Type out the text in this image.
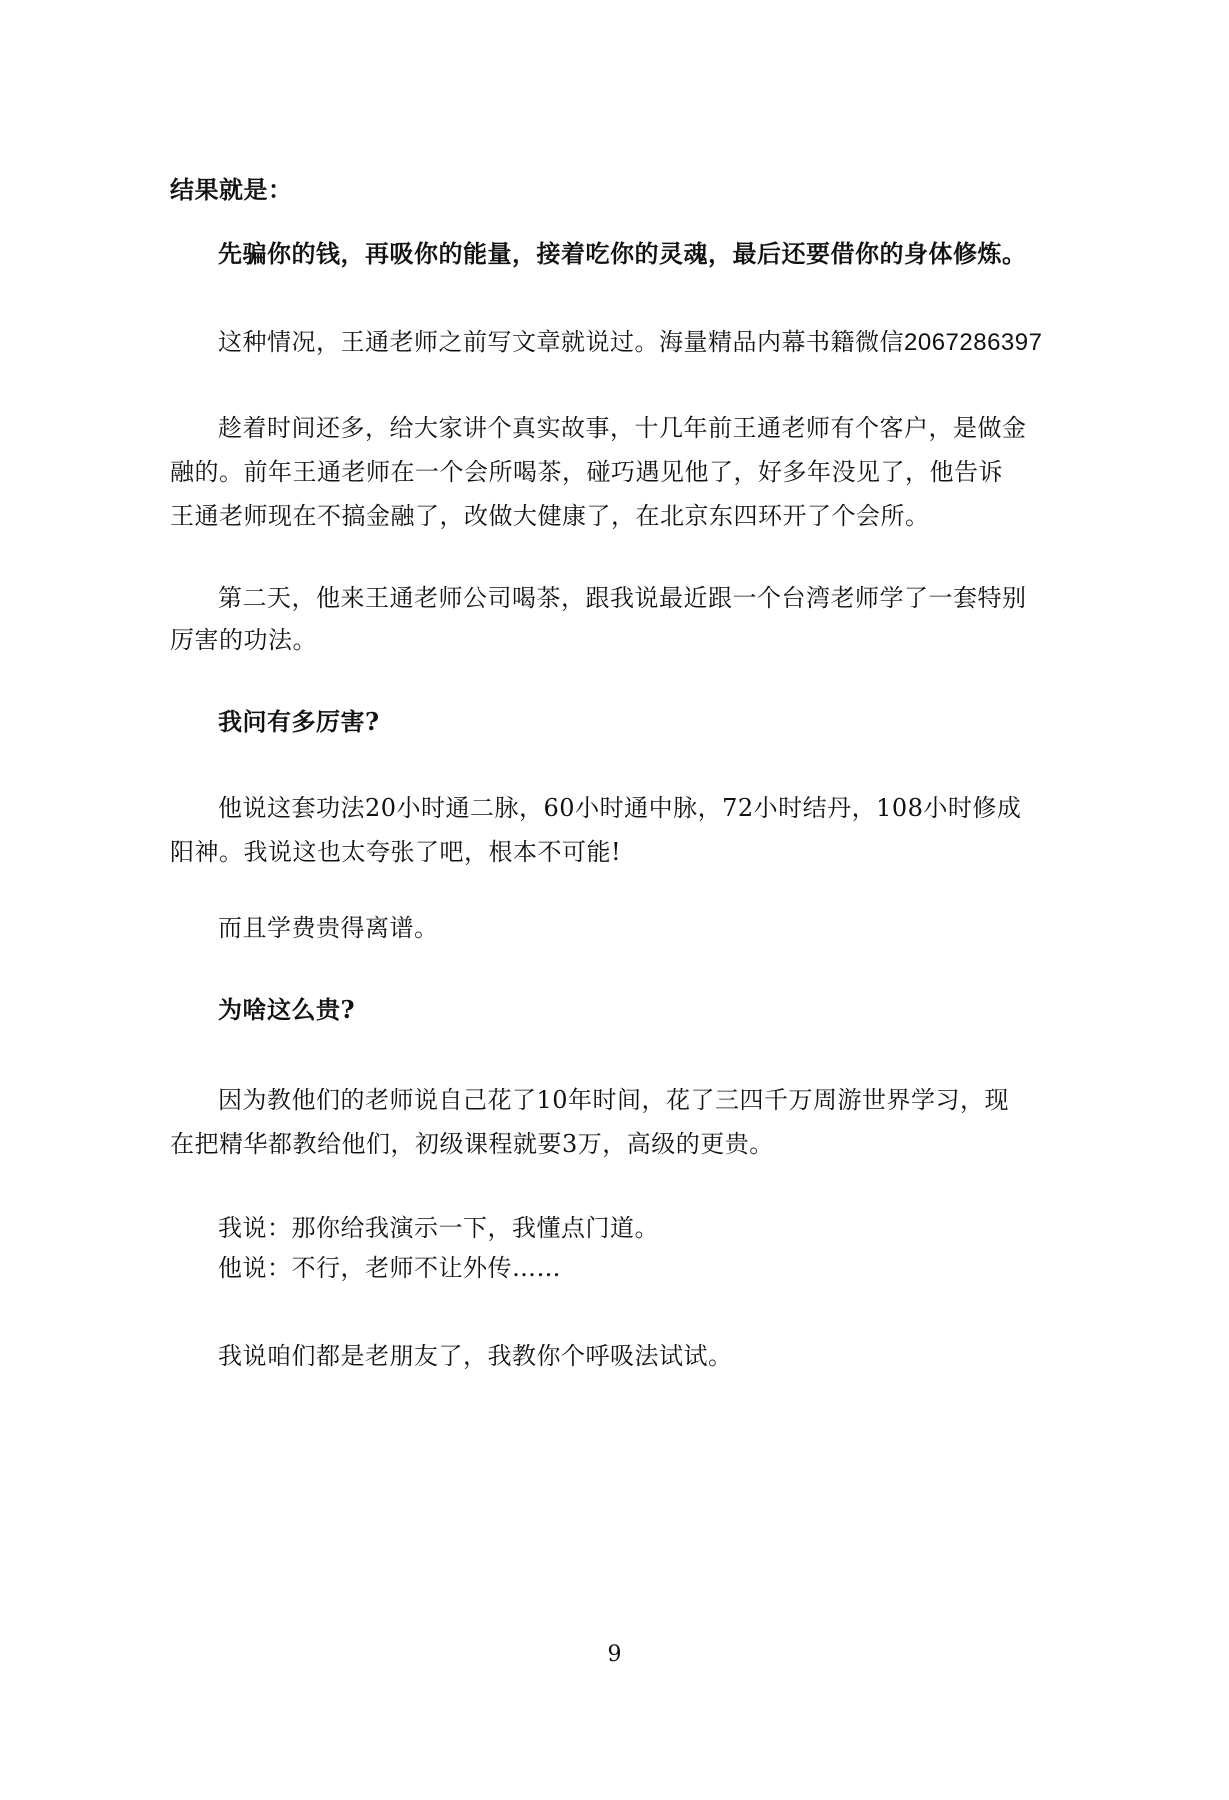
结果就是：
先骗你的钱，再吸你的能量，接着吃你的灵魂，最后还要借你的身体修炼。
这种情况，王通老师之前写文章就说过。海量精品内幕书籍微信2067286397
趁着时间还多，给大家讲个真实故事，十几年前王通老师有个客户，是做金
融的。前年王通老师在一个会所喝茶，碰巧遇见他了，好多年没见了，他告诉
王通老师现在不搞金融了，改做大健康了，在北京东四环开了个会所。
第二天，他来王通老师公司喝茶，跟我说最近跟一个台湾老师学了一套特别
厉害的功法。
我问有多厉害?
他说这套功法20小时通二脉，60小时通中脉，72小时结丹，108小时修成
阳神。我说这也太夸张了吧，根本不可能!
而且学费贵得离谱。
为啥这么贵?
因为教他们的老师说自己花了10年时间，花了三四千万周游世界学习，现
在把精华都教给他们，初级课程就要3万，高级的更贵。
我说：那你给我演示一下，我懂点门道。
他说：不行，老师不让外传……
我说咱们都是老朋友了，我教你个呼吸法试试。
9
